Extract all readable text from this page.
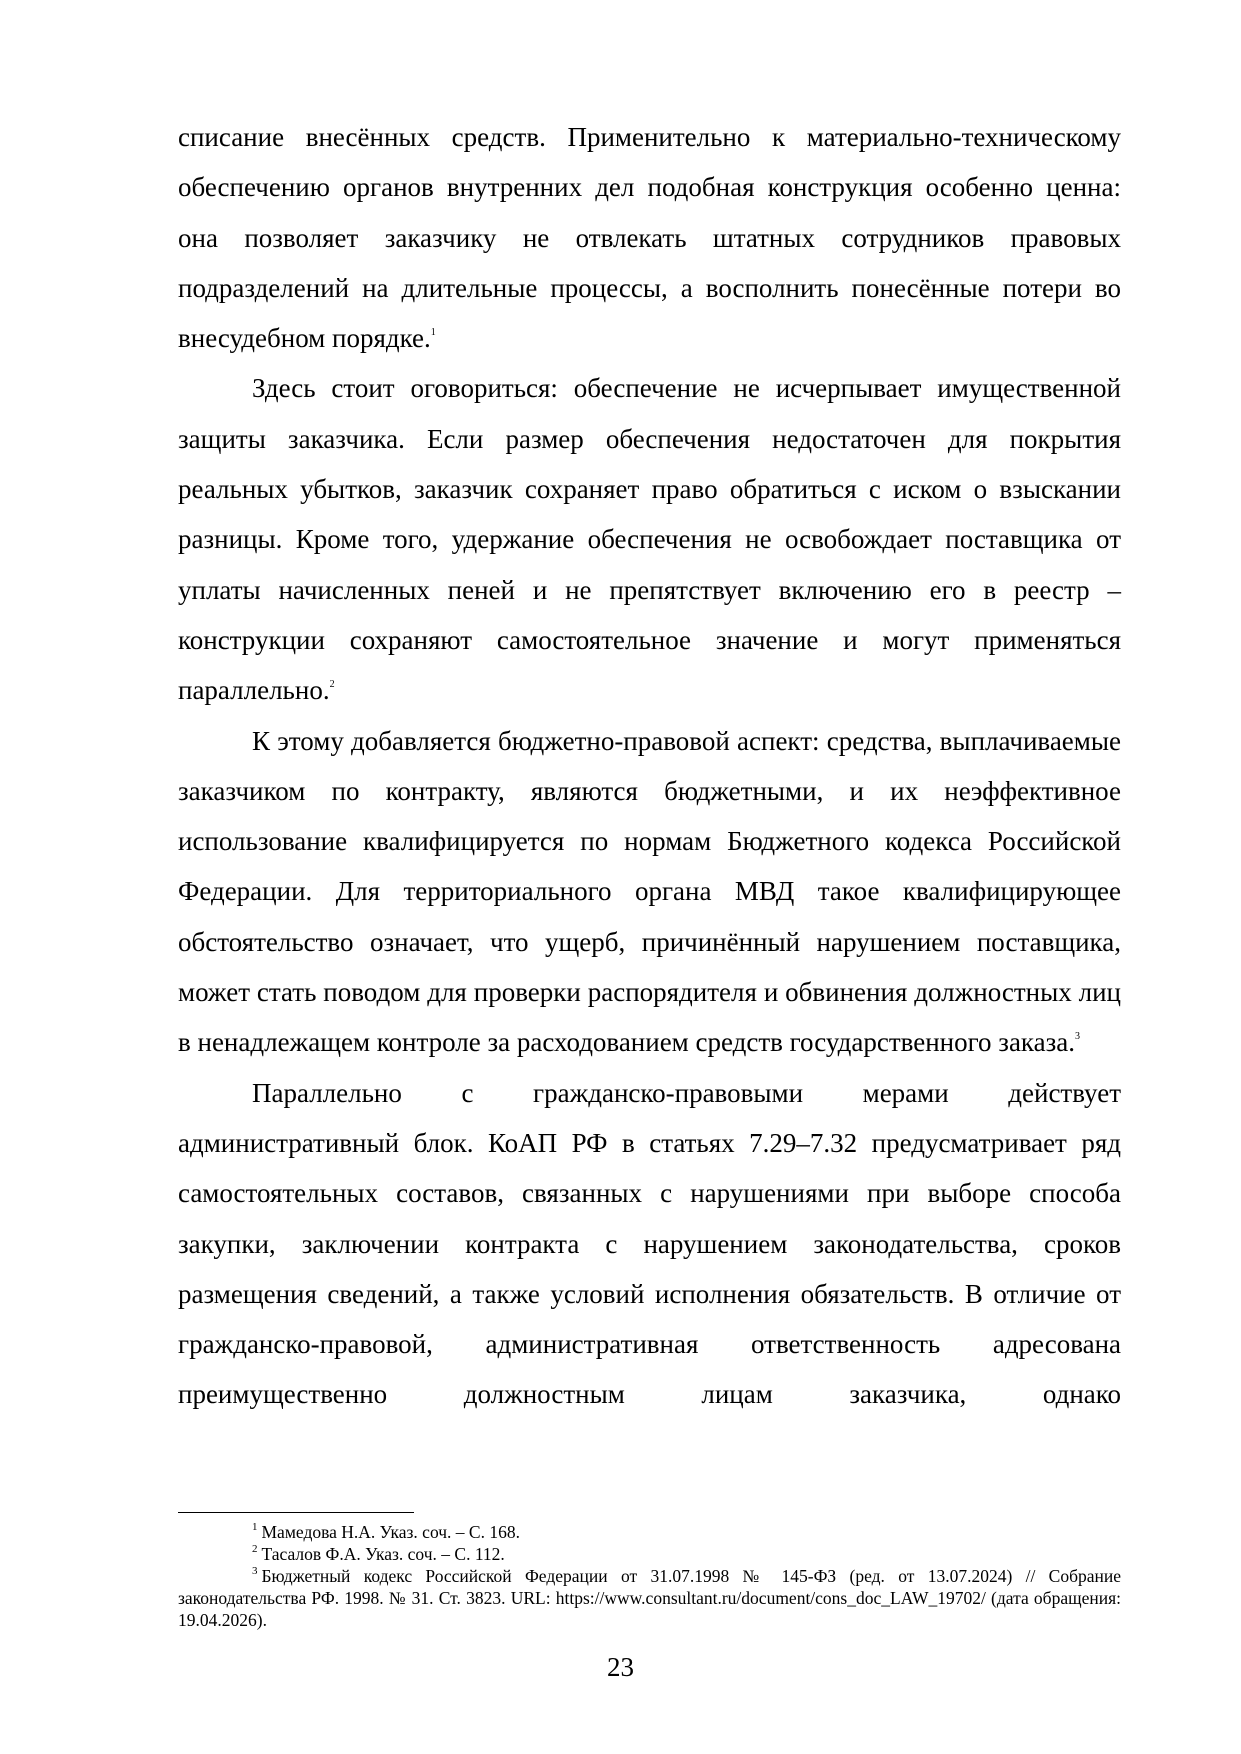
списание внесённых средств. Применительно к материально-техническому обеспечению органов внутренних дел подобная конструкция особенно ценна: она позволяет заказчику не отвлекать штатных сотрудников правовых подразделений на длительные процессы, а восполнить понесённые потери во внесудебном порядке.$^1$

Здесь стоит оговориться: обеспечение не исчерпывает имущественной защиты заказчика. Если размер обеспечения недостаточен для покрытия реальных убытков, заказчик сохраняет право обратиться с иском о взыскании разницы. Кроме того, удержание обеспечения не освобождает поставщика от уплаты начисленных пеней и не препятствует включению его в реестр – конструкции сохраняют самостоятельное значение и могут применяться параллельно.$^2$

К этому добавляется бюджетно-правовой аспект: средства, выплачиваемые заказчиком по контракту, являются бюджетными, и их неэффективное использование квалифицируется по нормам Бюджетного кодекса Российской Федерации. Для территориального органа МВД такое квалифицирующее обстоятельство означает, что ущерб, причинённый нарушением поставщика, может стать поводом для проверки распорядителя и обвинения должностных лиц в ненадлежащем контроле за расходованием средств государственного заказа.$^3$

Параллельно с гражданско-правовыми мерами действует административный блок. КоАП РФ в статьях 7.29–7.32 предусматривает ряд самостоятельных составов, связанных с нарушениями при выборе способа закупки, заключении контракта с нарушением законодательства, сроков размещения сведений, а также условий исполнения обязательств. В отличие от гражданско-правовой, административная ответственность адресована преимущественно должностным лицам заказчика, однако

$^1$ Мамедова Н.А. Указ. соч. – С. 168.

$^2$ Тасалов Ф.А. Указ. соч. – С. 112.

$^3$ Бюджетный кодекс Российской Федерации от 31.07.1998 № 145-ФЗ (ред. от 13.07.2024) // Собрание законодательства РФ. 1998. № 31. Ст. 3823. URL: https://www.consultant.ru/document/cons_doc_LAW_19702/ (дата обращения: 19.04.2026).

23
